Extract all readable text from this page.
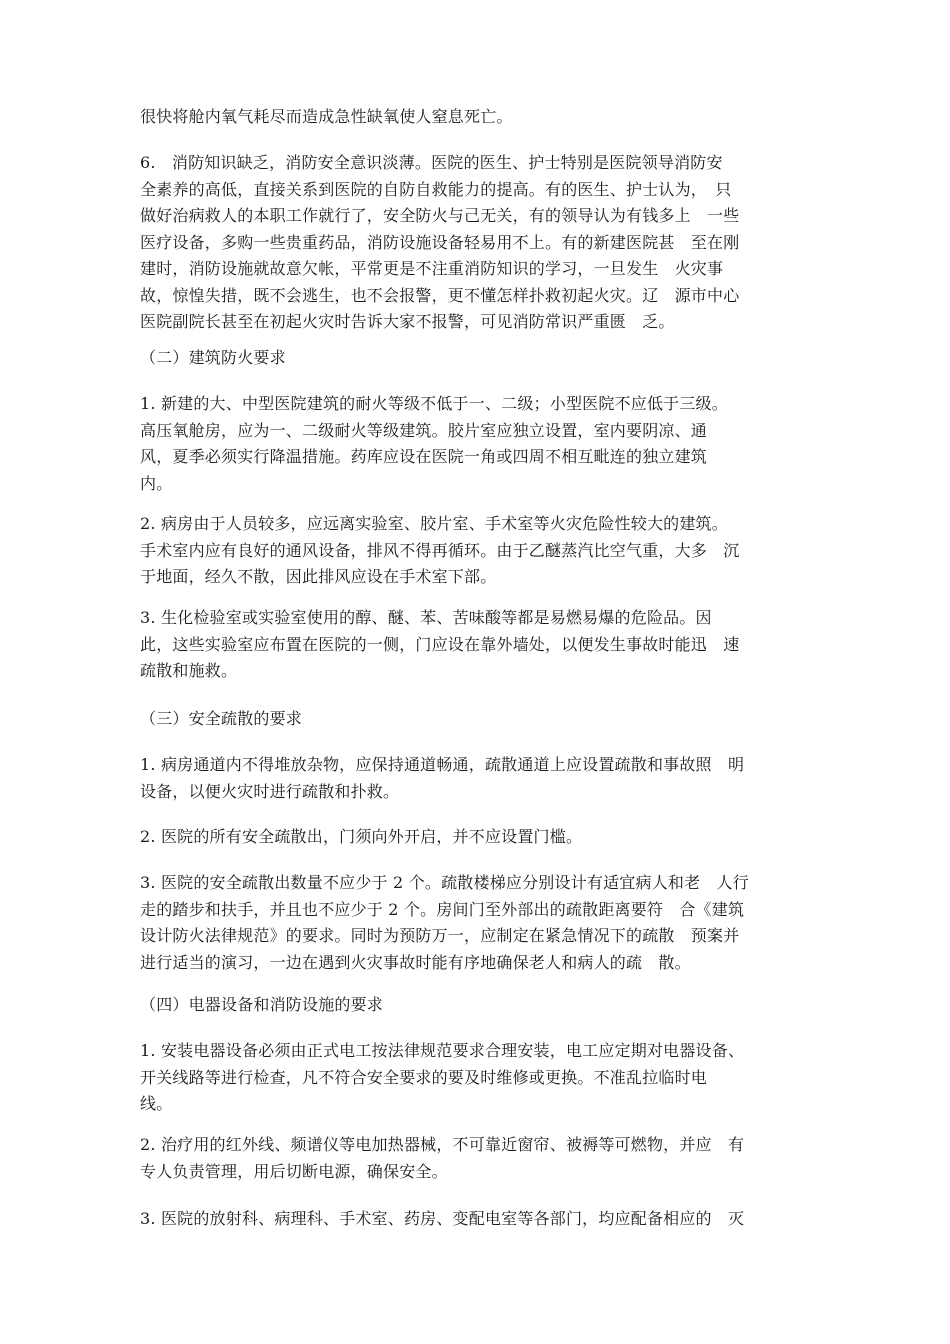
很快将舱内氧气耗尽而造成急性缺氧使人窒息死亡。
6.　消防知识缺乏，消防安全意识淡薄。医院的医生、护士特别是医院领导消防安
全素养的高低，直接关系到医院的自防自救能力的提高。有的医生、护士认为，　只
做好治病救人的本职工作就行了，安全防火与己无关，有的领导认为有钱多上　一些
医疗设备，多购一些贵重药品，消防设施设备轻易用不上。有的新建医院甚　至在刚
建时，消防设施就故意欠帐，平常更是不注重消防知识的学习，一旦发生　火灾事
故，惊惶失措，既不会逃生，也不会报警，更不懂怎样扑救初起火灾。辽　源市中心
医院副院长甚至在初起火灾时告诉大家不报警，可见消防常识严重匮　乏。
（二）建筑防火要求
1. 新建的大、中型医院建筑的耐火等级不低于一、二级；小型医院不应低于三级。
高压氧舱房，应为一、二级耐火等级建筑。胶片室应独立设置，室内要阴凉、通
风，夏季必须实行降温措施。药库应设在医院一角或四周不相互毗连的独立建筑
内。
2. 病房由于人员较多，应远离实验室、胶片室、手术室等火灾危险性较大的建筑。
手术室内应有良好的通风设备，排风不得再循环。由于乙醚蒸汽比空气重，大多　沉
于地面，经久不散，因此排风应设在手术室下部。
3. 生化检验室或实验室使用的醇、醚、苯、苦味酸等都是易燃易爆的危险品。因
此，这些实验室应布置在医院的一侧，门应设在靠外墙处，以便发生事故时能迅　速
疏散和施救。
（三）安全疏散的要求
1. 病房通道内不得堆放杂物，应保持通道畅通，疏散通道上应设置疏散和事故照　明
设备，以便火灾时进行疏散和扑救。
2. 医院的所有安全疏散出，门须向外开启，并不应设置门槛。
3. 医院的安全疏散出数量不应少于 2 个。疏散楼梯应分别设计有适宜病人和老　人行
走的踏步和扶手，并且也不应少于 2 个。房间门至外部出的疏散距离要符　合《建筑
设计防火法律规范》的要求。同时为预防万一，应制定在紧急情况下的疏散　预案并
进行适当的演习，一边在遇到火灾事故时能有序地确保老人和病人的疏　散。
（四）电器设备和消防设施的要求
1. 安装电器设备必须由正式电工按法律规范要求合理安装，电工应定期对电器设备、
开关线路等进行检查，凡不符合安全要求的要及时维修或更换。不准乱拉临时电
线。
2. 治疗用的红外线、频谱仪等电加热器械，不可靠近窗帘、被褥等可燃物，并应　有
专人负责管理，用后切断电源，确保安全。
3. 医院的放射科、病理科、手术室、药房、变配电室等各部门，均应配备相应的　灭
